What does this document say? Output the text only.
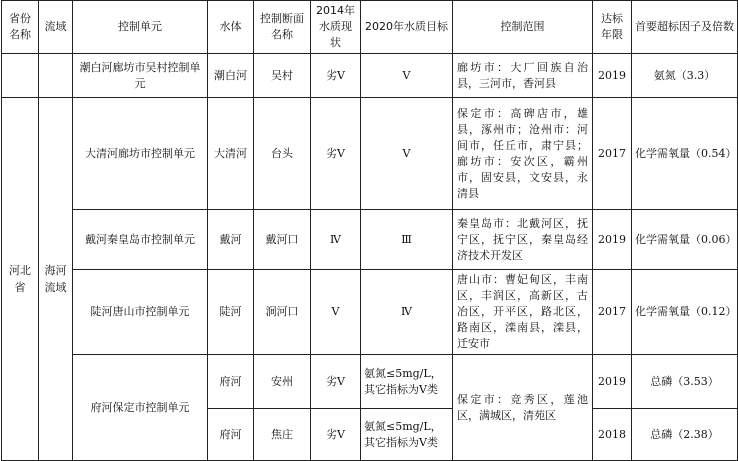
省份名称	流域	控制单元	水体	控制断面名称	2014年水质现状	2020年水质目标	控制范围	达标年限	首要超标因子及倍数
		潮白河廊坊市吴村控制单元	潮白河	吴村	劣Ⅴ	Ⅴ	廊坊市：大厂回族自治县，三河市，香河县	2019	氨氮（3.3）
河北省	海河流域	大清河廊坊市控制单元	大清河	台头	劣Ⅴ	Ⅴ	保定市：高碑店市，雄县，涿州市；沧州市：河间市，任丘市，肃宁县；廊坊市：安次区，霸州市，固安县，文安县，永清县	2017	化学需氧量（0.54）
		戴河秦皇岛市控制单元	戴河	戴河口	Ⅳ	Ⅲ	秦皇岛市：北戴河区，抚宁区，抚宁区，秦皇岛经济技术开发区	2019	化学需氧量（0.06）
		陡河唐山市控制单元	陡河	涧河口	Ⅴ	Ⅳ	唐山市：曹妃甸区，丰南区，丰润区，高新区，古冶区，开平区，路北区，路南区，滦南县，滦县，迁安市	2017	化学需氧量（0.12）
		府河保定市控制单元	府河	安州	劣Ⅴ	氨氮≤5mg/L，其它指标为Ⅴ类	保定市：竞秀区，莲池区，满城区，清苑区	2019	总磷（3.53）
			府河	焦庄	劣Ⅴ	氨氮≤5mg/L，其它指标为Ⅴ类		2018	总磷（2.38）
